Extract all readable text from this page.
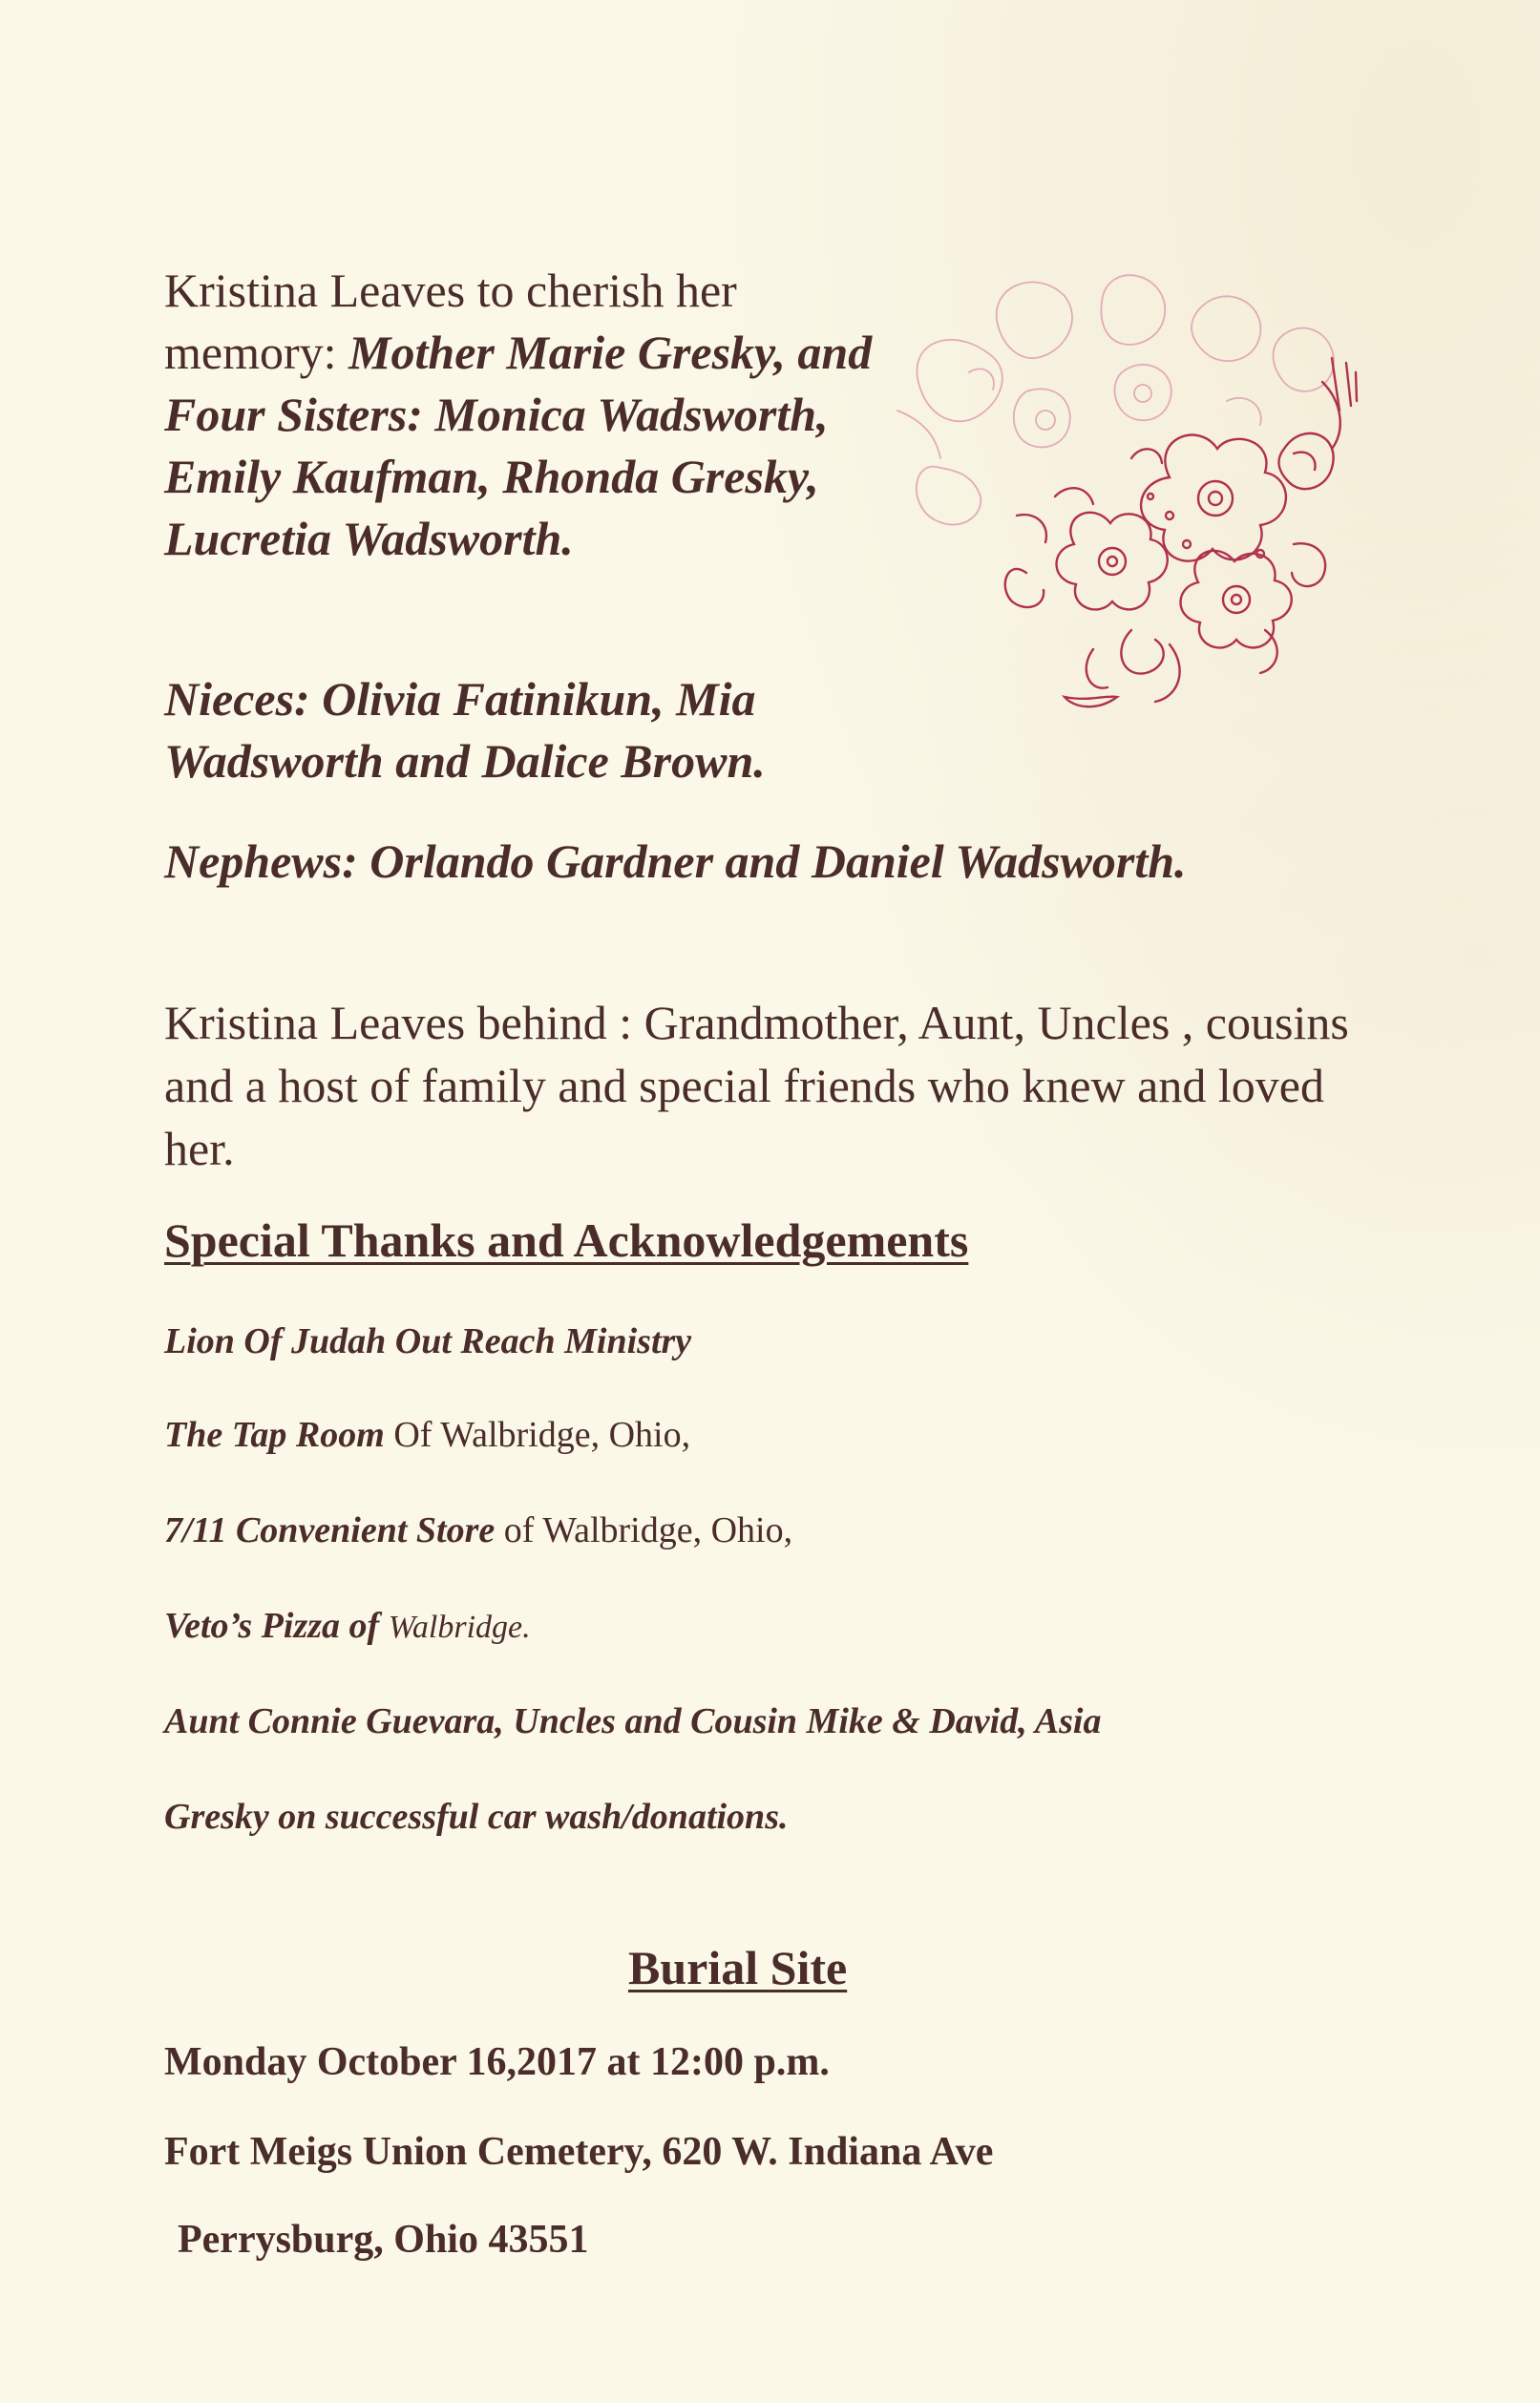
Kristina Leaves to cherish her memory: Mother Marie Gresky, and Four Sisters: Monica Wadsworth, Emily Kaufman, Rhonda Gresky, Lucretia Wadsworth.
Nieces: Olivia Fatinikun, Mia Wadsworth and Dalice Brown.
Nephews: Orlando Gardner and Daniel Wadsworth.
Kristina Leaves behind : Grandmother, Aunt, Uncles , cousins and a host of family and special friends who knew and loved her.
Special Thanks and Acknowledgements
Lion Of Judah Out Reach Ministry
The Tap Room Of Walbridge, Ohio,
7/11 Convenient Store of Walbridge, Ohio,
Veto’s Pizza of Walbridge.
Aunt Connie Guevara, Uncles and Cousin Mike & David, Asia
Gresky on successful car wash/donations.
Burial Site
Monday October 16,2017 at 12:00 p.m.
Fort Meigs Union Cemetery, 620 W. Indiana Ave
Perrysburg, Ohio 43551
